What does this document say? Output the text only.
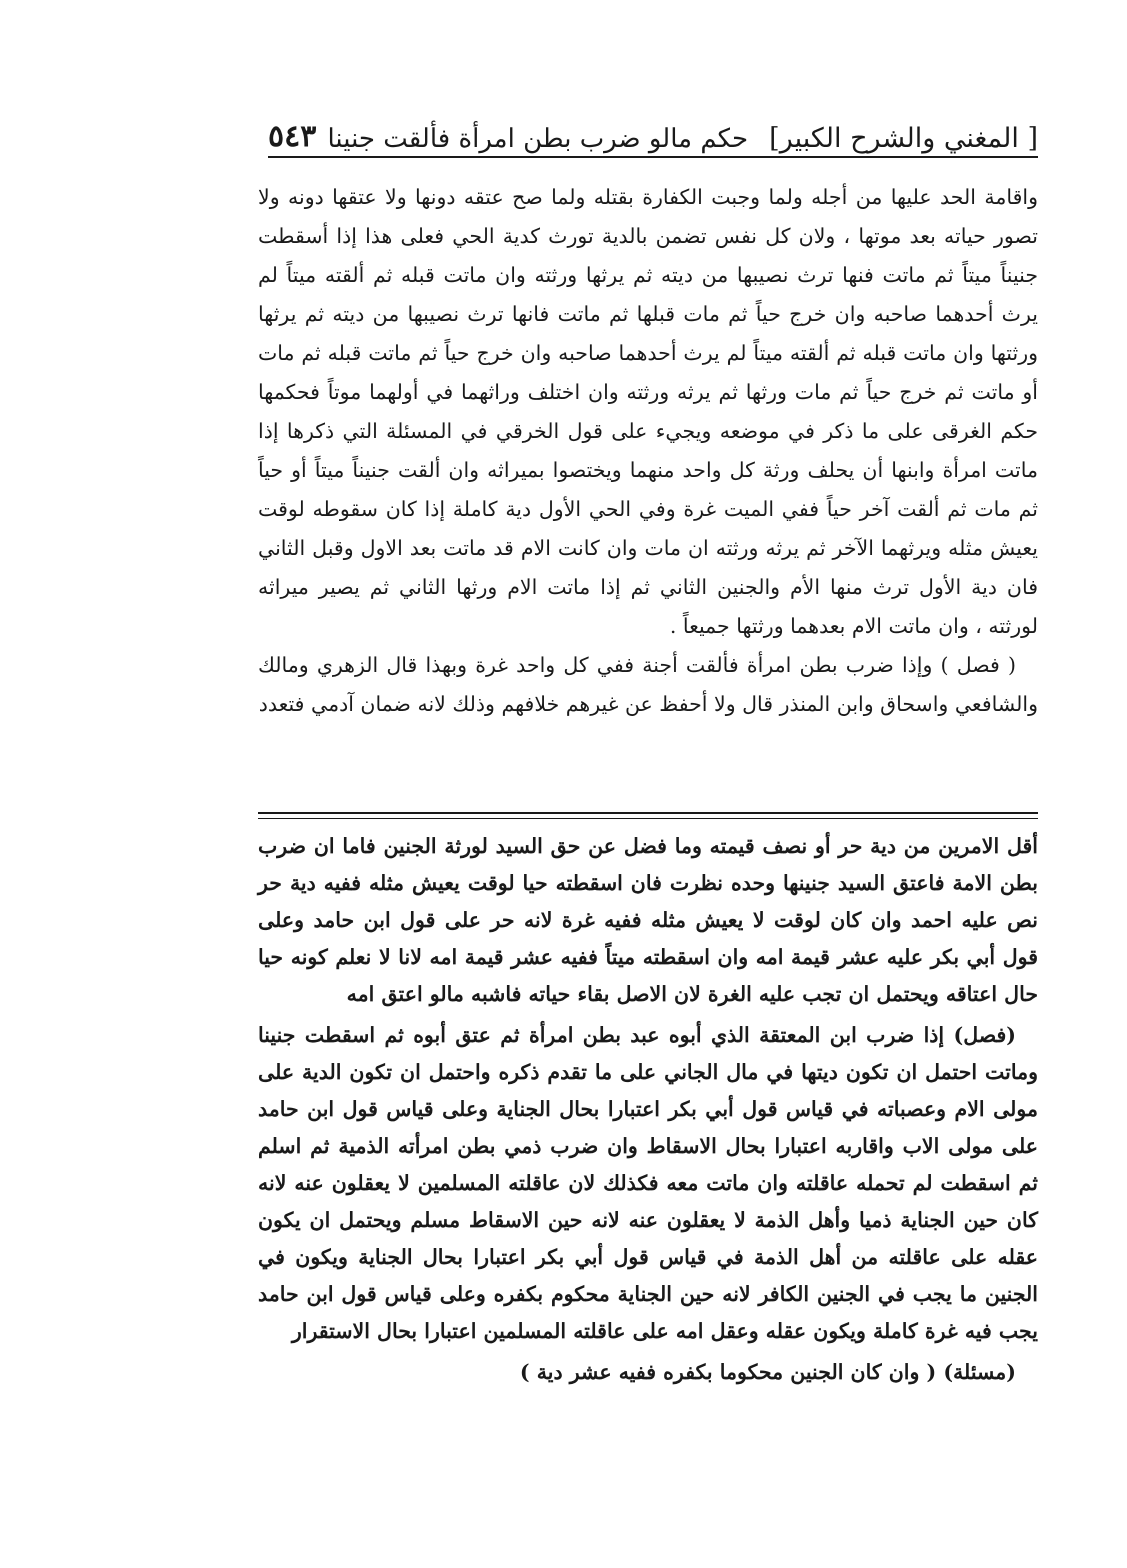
[ المغني والشرح الكبير]
حكم مالو ضرب بطن امرأة فألقت جنينا
٥٤٣

واقامة الحد عليها من أجله ولما وجبت الكفارة بقتله ولما صح عتقه دونها ولا عتقها دونه ولا تصور حياته بعد موتها ، ولان كل نفس تضمن بالدية تورث كدية الحي فعلى هذا إذا أسقطت جنيناً ميتاً ثم ماتت فنها ترث نصيبها من ديته ثم يرثها ورثته وان ماتت قبله ثم ألقته ميتاً لم يرث أحدهما صاحبه وان خرج حياً ثم مات قبلها ثم ماتت فانها ترث نصيبها من ديته ثم يرثها ورثتها وان ماتت قبله ثم ألقته ميتاً لم يرث أحدهما صاحبه وان خرج حياً ثم ماتت قبله ثم مات أو ماتت ثم خرج حياً ثم مات ورثها ثم يرثه ورثته وان اختلف وراثهما في أولهما موتاً فحكمها حكم الغرقى على ما ذكر في موضعه ويجيء على قول الخرقي في المسئلة التي ذكرها إذا ماتت امرأة وابنها أن يحلف ورثة كل واحد منهما ويختصوا بميراثه وان ألقت جنيناً ميتاً أو حياً ثم مات ثم ألقت آخر حياً ففي الميت غرة وفي الحي الأول دية كاملة إذا كان سقوطه لوقت يعيش مثله ويرثهما الآخر ثم يرثه ورثته ان مات وان كانت الام قد ماتت بعد الاول وقبل الثاني فان دية الأول ترث منها الأم والجنين الثاني ثم إذا ماتت الام ورثها الثاني ثم يصير ميراثه لورثته ، وان ماتت الام بعدهما ورثتها جميعاً .

( فصل ) وإذا ضرب بطن امرأة فألقت أجنة ففي كل واحد غرة وبهذا قال الزهري ومالك والشافعي واسحاق وابن المنذر قال ولا أحفظ عن غيرهم خلافهم وذلك لانه ضمان آدمي فتعدد

أقل الامرين من دية حر أو نصف قيمته وما فضل عن حق السيد لورثة الجنين فاما ان ضرب بطن الامة فاعتق السيد جنينها وحده نظرت فان اسقطته حيا لوقت يعيش مثله ففيه دية حر نص عليه احمد وان كان لوقت لا يعيش مثله ففيه غرة لانه حر على قول ابن حامد وعلى قول أبي بكر عليه عشر قيمة امه وان اسقطته ميتاً ففيه عشر قيمة امه لانا لا نعلم كونه حيا حال اعتاقه ويحتمل ان تجب عليه الغرة لان الاصل بقاء حياته فاشبه مالو اعتق امه

(فصل) إذا ضرب ابن المعتقة الذي أبوه عبد بطن امرأة ثم عتق أبوه ثم اسقطت جنينا وماتت احتمل ان تكون ديتها في مال الجاني على ما تقدم ذكره واحتمل ان تكون الدية على مولى الام وعصباته في قياس قول أبي بكر اعتبارا بحال الجناية وعلى قياس قول ابن حامد على مولى الاب واقاربه اعتبارا بحال الاسقاط وان ضرب ذمي بطن امرأته الذمية ثم اسلم ثم اسقطت لم تحمله عاقلته وان ماتت معه فكذلك لان عاقلته المسلمين لا يعقلون عنه لانه كان حين الجناية ذميا وأهل الذمة لا يعقلون عنه لانه حين الاسقاط مسلم ويحتمل ان يكون عقله على عاقلته من أهل الذمة في قياس قول أبي بكر اعتبارا بحال الجناية ويكون في الجنين ما يجب في الجنين الكافر لانه حين الجناية محكوم بكفره وعلى قياس قول ابن حامد يجب فيه غرة كاملة ويكون عقله وعقل امه على عاقلته المسلمين اعتبارا بحال الاستقرار

(مسئلة) ( وان كان الجنين محكوما بكفره ففيه عشر دية )
